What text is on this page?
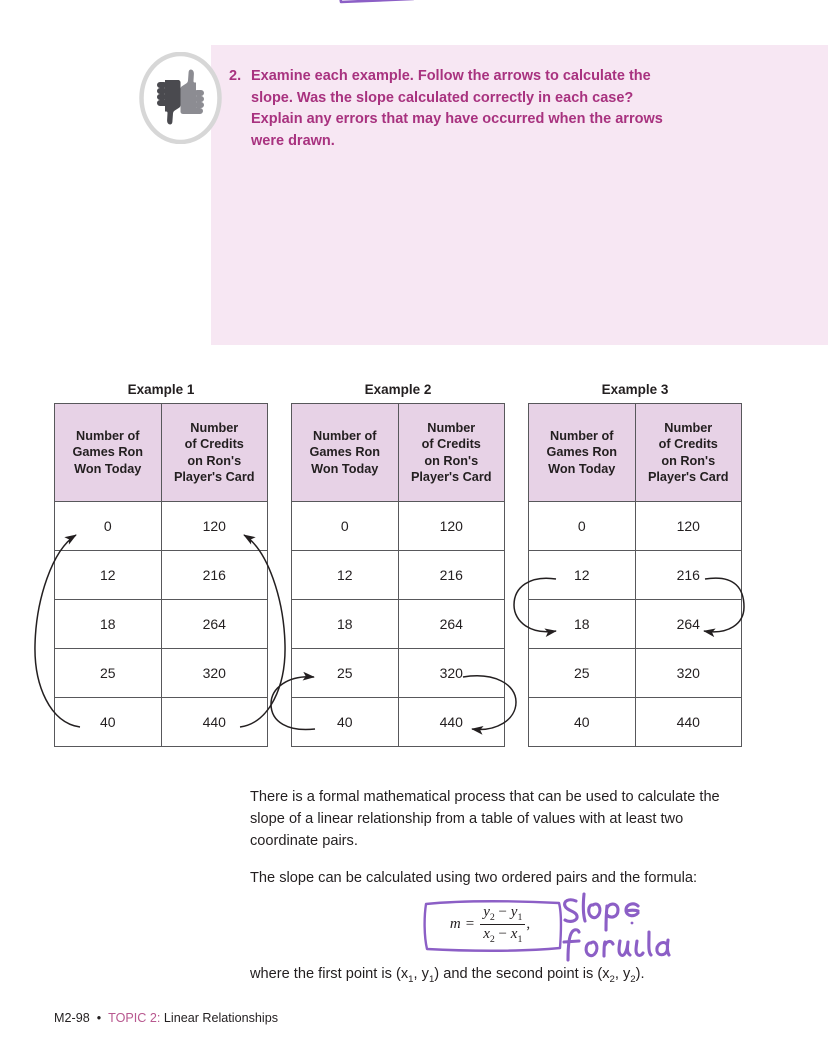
2. Examine each example. Follow the arrows to calculate the
slope. Was the slope calculated correctly in each case?
Explain any errors that may have occurred when the arrows
were drawn.
Example 1
Number of
Games Ron
Won Today	Number
of Credits
on Ron's
Player's Card
0	120
12	216
18	264
25	320
40	440
Example 2
Number of
Games Ron
Won Today	Number
of Credits
on Ron's
Player's Card
0	120
12	216
18	264
25	320
40	440
Example 3
Number of
Games Ron
Won Today	Number
of Credits
on Ron's
Player's Card
0	120
12	216
18	264
25	320
40	440
There is a formal mathematical process that can be used to calculate the slope of a linear relationship from a table of values with at least two coordinate pairs.
The slope can be calculated using two ordered pairs and the formula:
$m = \frac{y_2 - y_1}{x_2 - x_1}$ ,
where the first point is ($x_1$, $y_1$) and the second point is ($x_2$, $y_2$).
M2-98 • TOPIC 2: Linear Relationships
